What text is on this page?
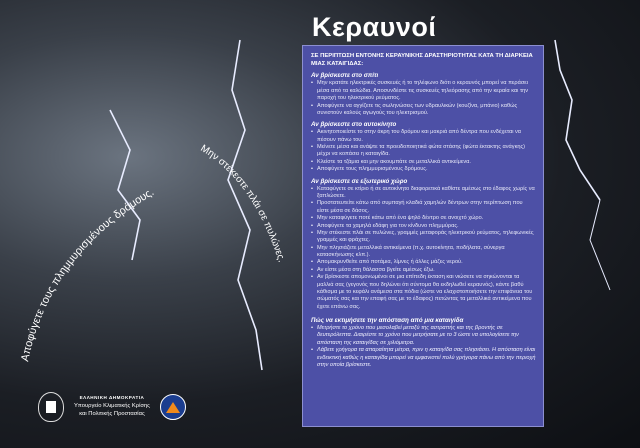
Αποφύγετε τους πλημμυρισμένους δρόμους.
Μην στέκεστε πλάι σε πυλώνες.
Κεραυνοί
ΣΕ ΠΕΡΙΠΤΩΣΗ ΕΝΤΟΝΗΣ ΚΕΡΑΥΝΙΚΗΣ ΔΡΑΣΤΗΡΙΟΤΗΤΑΣ ΚΑΤΑ ΤΗ ΔΙΑΡΚΕΙΑ ΜΙΑΣ ΚΑΤΑΙΓΙΔΑΣ:
Αν βρίσκεστε στο σπίτι
• Μην κρατάτε ηλεκτρικές συσκευές ή το τηλέφωνο διότι ο κεραυνός μπορεί να περάσει μέσα από τα καλώδια. Αποσυνδέστε τις συσκευές τηλεόρασης από την κεραία και την παροχή του ηλεκτρικού ρεύματος.
• Αποφύγετε να αγγίζετε τις σωληνώσεις των υδραυλικών (κουζίνα, μπάνιο) καθώς συνιστούν καλούς αγωγούς του ηλεκτρισμού.
Αν βρίσκεστε στο αυτοκίνητο
• Ακινητοποιείστε το στην άκρη του δρόμου και μακριά από δέντρα που ενδέχεται να πέσουν πάνω του.
• Μείνετε μέσα και ανάψτε τα προειδοποιητικά φώτα στάσης (φώτα έκτακτης ανάγκης) μέχρι να κοπάσει η καταιγίδα.
• Κλείστε τα τζάμια και μην ακουμπάτε σε μεταλλικά αντικείμενα.
• Αποφύγετε τους πλημμυρισμένους δρόμους.
Αν βρίσκεστε σε εξωτερικό χώρο
• Καταφύγετε σε κτίριο ή σε αυτοκίνητο διαφορετικά καθίστε αμέσως στο έδαφος χωρίς να ξαπλώσετε.
• Προστατευτείτε κάτω από συμπαγή κλαδιά χαμηλών δέντρων στην περίπτωση που είστε μέσα σε δάσος.
• Μην καταφύγετε ποτέ κάτω από ένα ψηλό δέντρο σε ανοιχτό χώρο.
• Αποφύγετε τα χαμηλά εδάφη για τον κίνδυνο πλημμύρας.
• Μην στέκεστε πλάι σε πυλώνες, γραμμές μεταφοράς ηλεκτρικού ρεύματος, τηλεφωνικές γραμμές και φράχτες.
• Μην πλησιάζετε μεταλλικά αντικείμενα (π.χ. αυτοκίνητα, ποδήλατα, σύνεργα κατασκήνωσης κλπ.).
• Απομακρυνθείτε από ποτάμια, λίμνες ή άλλες μάζες νερού.
• Αν είστε μέσα στη θάλασσα βγείτε αμέσως έξω.
• Αν βρίσκεστε απομονωμένοι σε μια επίπεδη έκταση και νιώσετε να σηκώνονται τα μαλλιά σας (γεγονός που δηλώνει ότι σύντομα θα εκδηλωθεί κεραυνός), κάντε βαθύ κάθισμα με το κεφάλι ανάμεσα στα πόδια (ώστε να ελαχιστοποιήσετε την επιφάνεια του σώματός σας και την επαφή σας με το έδαφος) πετώντας τα μεταλλικά αντικείμενα που έχετε επάνω σας.
Πώς να εκτιμήσετε την απόσταση από μια καταιγίδα
• Μετρήστε το χρόνο που μεσολαβεί μεταξύ της αστραπής και της βροντής σε δευτερόλεπτα. Διαιρέστε το χρόνο που μετρήσατε με το 3 ώστε να υπολογίσετε την απόσταση της καταιγίδας σε χιλιόμετρα.
• Λάβετε γρήγορα τα απαραίτητα μέτρα, πριν η καταιγίδα σας πλησιάσει. Η απόσταση είναι ενδεικτική καθώς η καταιγίδα μπορεί να εμφανιστεί πολύ γρήγορα πάνω από την περιοχή στην οποία βρίσκεστε.
ΕΛΛΗΝΙΚΗ ΔΗΜΟΚΡΑΤΙΑ
Υπουργείο Κλιματικής Κρίσης
και Πολιτικής Προστασίας
